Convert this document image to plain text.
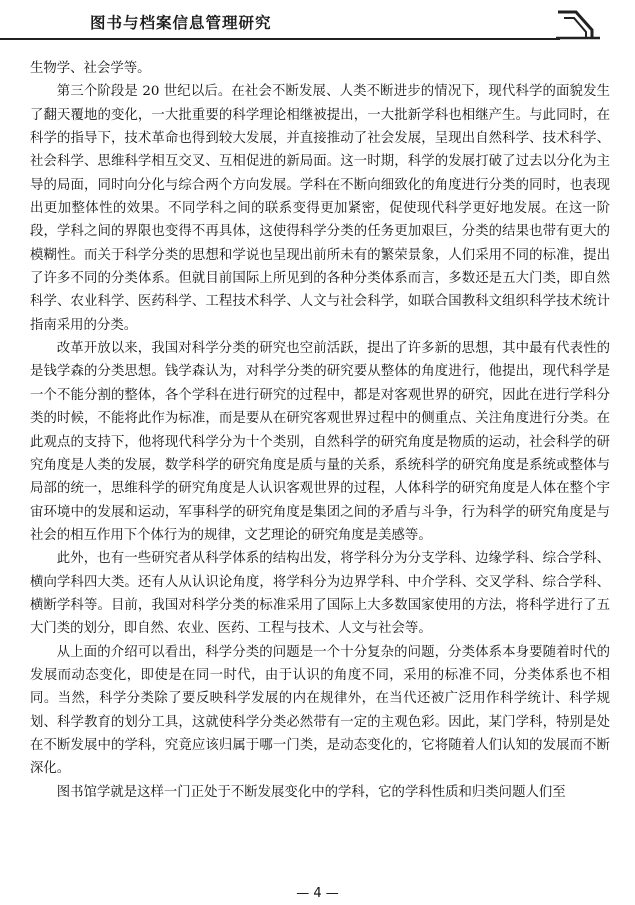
图书与档案信息管理研究

生物学、社会学等。

第三个阶段是 20 世纪以后。在社会不断发展、人类不断进步的情况下，现代科学的面貌发生了翻天覆地的变化，一大批重要的科学理论相继被提出，一大批新学科也相继产生。与此同时，在科学的指导下，技术革命也得到较大发展，并直接推动了社会发展，呈现出自然科学、技术科学、社会科学、思维科学相互交叉、互相促进的新局面。这一时期，科学的发展打破了过去以分化为主导的局面，同时向分化与综合两个方向发展。学科在不断向细致化的角度进行分类的同时，也表现出更加整体性的效果。不同学科之间的联系变得更加紧密，促使现代科学更好地发展。在这一阶段，学科之间的界限也变得不再具体，这使得科学分类的任务更加艰巨，分类的结果也带有更大的模糊性。而关于科学分类的思想和学说也呈现出前所未有的繁荣景象，人们采用不同的标准，提出了许多不同的分类体系。但就目前国际上所见到的各种分类体系而言，多数还是五大门类，即自然科学、农业科学、医药科学、工程技术科学、人文与社会科学，如联合国教科文组织科学技术统计指南采用的分类。

改革开放以来，我国对科学分类的研究也空前活跃，提出了许多新的思想，其中最有代表性的是钱学森的分类思想。钱学森认为，对科学分类的研究要从整体的角度进行，他提出，现代科学是一个不能分割的整体，各个学科在进行研究的过程中，都是对客观世界的研究，因此在进行学科分类的时候，不能将此作为标准，而是要从在研究客观世界过程中的侧重点、关注角度进行分类。在此观点的支持下，他将现代科学分为十个类别，自然科学的研究角度是物质的运动，社会科学的研究角度是人类的发展，数学科学的研究角度是质与量的关系，系统科学的研究角度是系统或整体与局部的统一，思维科学的研究角度是人认识客观世界的过程，人体科学的研究角度是人体在整个宇宙环境中的发展和运动，军事科学的研究角度是集团之间的矛盾与斗争，行为科学的研究角度是与社会的相互作用下个体行为的规律，文艺理论的研究角度是美感等。

此外，也有一些研究者从科学体系的结构出发，将学科分为分支学科、边缘学科、综合学科、横向学科四大类。还有人从认识论角度，将学科分为边界学科、中介学科、交叉学科、综合学科、横断学科等。目前，我国对科学分类的标准采用了国际上大多数国家使用的方法，将科学进行了五大门类的划分，即自然、农业、医药、工程与技术、人文与社会等。

从上面的介绍可以看出，科学分类的问题是一个十分复杂的问题，分类体系本身要随着时代的发展而动态变化，即使是在同一时代，由于认识的角度不同，采用的标准不同，分类体系也不相同。当然，科学分类除了要反映科学发展的内在规律外，在当代还被广泛用作科学统计、科学规划、科学教育的划分工具，这就使科学分类必然带有一定的主观色彩。因此，某门学科，特别是处在不断发展中的学科，究竟应该归属于哪一门类，是动态变化的，它将随着人们认知的发展而不断深化。

图书馆学就是这样一门正处于不断发展变化中的学科，它的学科性质和归类问题人们至

— 4 —
